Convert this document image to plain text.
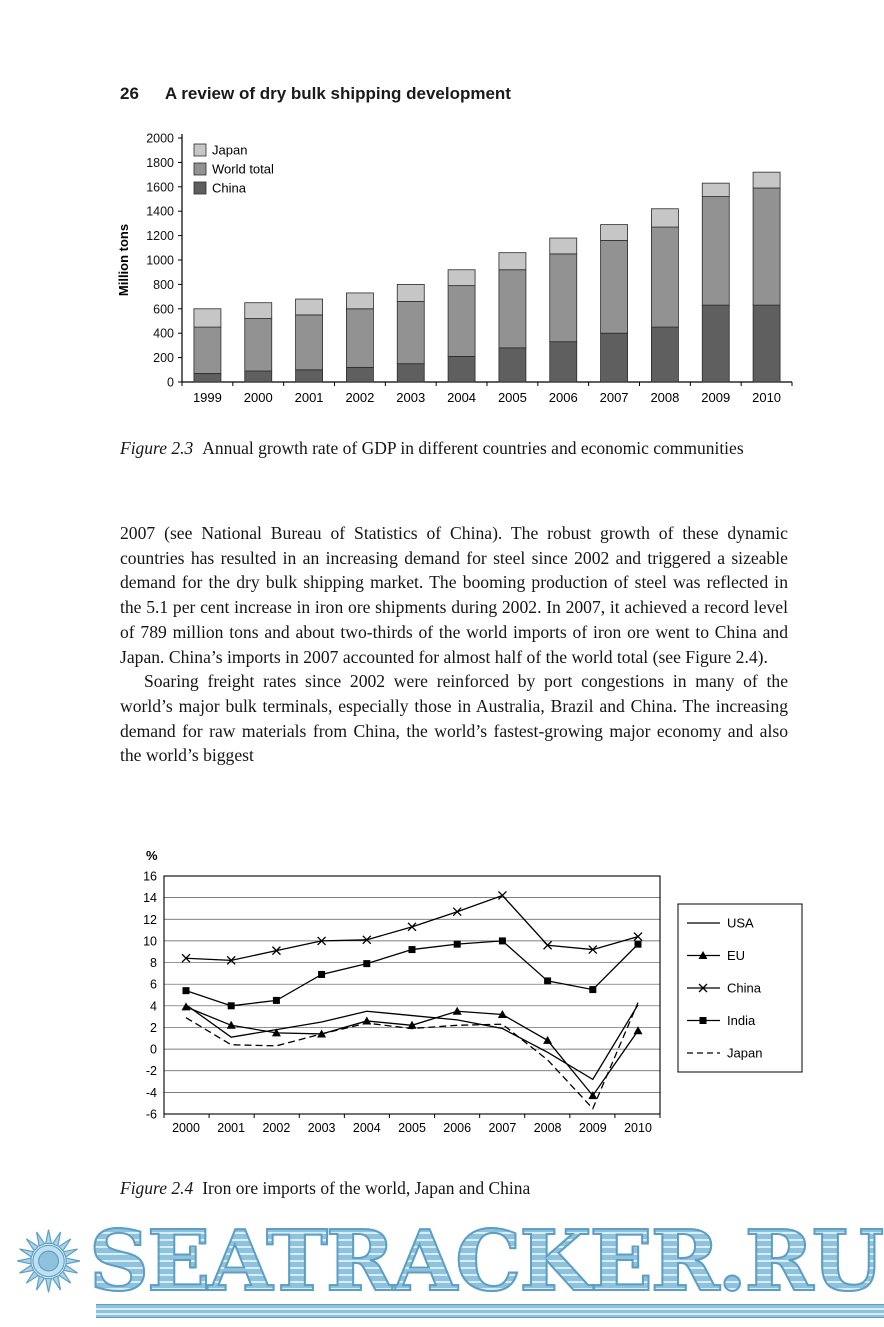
26 A review of dry bulk shipping development
0
200
400
600
800
1000
1200
1400
1600
1800
2000
1999 2000 2001 2002 2003 2004 2005 2006 2007 2008 2009 2010
Million tons
Japan
World total
China
Figure 2.3 Annual growth rate of GDP in different countries and economic communities

2007 (see National Bureau of Statistics of China). The robust growth of these dynamic countries has resulted in an increasing demand for steel since 2002 and triggered a sizeable demand for the dry bulk shipping market. The booming production of steel was reflected in the 5.1 per cent increase in iron ore shipments during 2002. In 2007, it achieved a record level of 789 million tons and about two-thirds of the world imports of iron ore went to China and Japan. China’s imports in 2007 accounted for almost half of the world total (see Figure 2.4).

Soaring freight rates since 2002 were reinforced by port congestions in many of the world’s major bulk terminals, especially those in Australia, Brazil and China. The increasing demand for raw materials from China, the world’s fastest-growing major economy and also the world’s biggest

%
-6
-4
-2
0
2
4
6
8
10
12
14
16
2000 2001 2002 2003 2004 2005 2006 2007 2008 2009 2010
USA
EU
China
India
Japan
Figure 2.4 Iron ore imports of the world, Japan and China
SEATRACKER.RU
